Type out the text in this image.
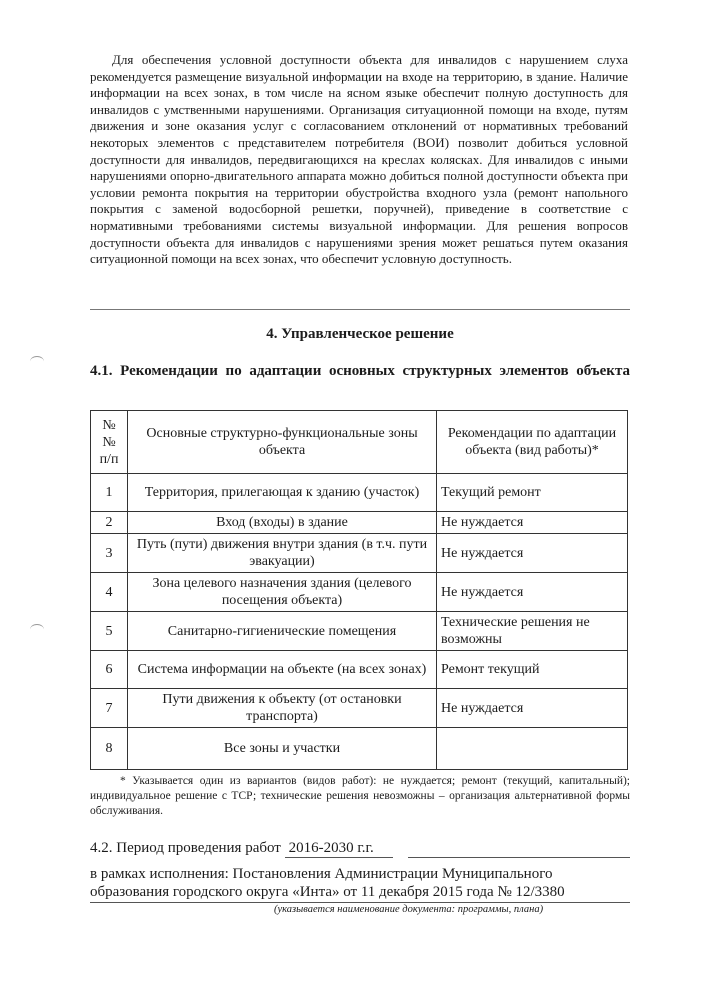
Для обеспечения условной доступности объекта для инвалидов с нарушением слуха рекомендуется размещение визуальной информации на входе на территорию, в здание. Наличие информации на всех зонах, в том числе на ясном языке обеспечит полную доступность для инвалидов с умственными нарушениями. Организация ситуационной помощи на входе, путям движения и зоне оказания услуг с согласованием отклонений от нормативных требований некоторых элементов с представителем потребителя (ВОИ) позволит добиться условной доступности для инвалидов, передвигающихся на креслах колясках. Для инвалидов с иными нарушениями опорно-двигательного аппарата можно добиться полной доступности объекта при условии ремонта покрытия на территории обустройства входного узла (ремонт напольного покрытия с заменой водосборной решетки, поручней), приведение в соответствие с нормативными требованиями системы визуальной информации. Для решения вопросов доступности объекта для инвалидов с нарушениями зрения может решаться путем оказания ситуационной помощи на всех зонах, что обеспечит условную доступность.

4. Управленческое решение
4.1. Рекомендации по адаптации основных структурных элементов объекта
№ № п/п	Основные структурно-функциональные зоны объекта	Рекомендации по адаптации объекта (вид работы)*
1	Территория, прилегающая к зданию (участок)	Текущий ремонт
2	Вход (входы) в здание	Не нуждается
3	Путь (пути) движения внутри здания (в т.ч. пути эвакуации)	Не нуждается
4	Зона целевого назначения здания (целевого посещения объекта)	Не нуждается
5	Санитарно-гигиенические помещения	Технические решения не возможны
6	Система информации на объекте (на всех зонах)	Ремонт текущий
7	Пути движения к объекту (от остановки транспорта)	Не нуждается
8	Все зоны и участки	

* Указывается один из вариантов (видов работ): не нуждается; ремонт (текущий, капитальный); индивидуальное решение с ТСР; технические решения невозможны – организация альтернативной формы обслуживания.

4.2. Период проведения работ 2016-2030 г.г.
в рамках исполнения: Постановления Администрации Муниципального
образования городского округа «Инта» от 11 декабря 2015 года № 12/3380
(указывается наименование документа: программы, плана)
